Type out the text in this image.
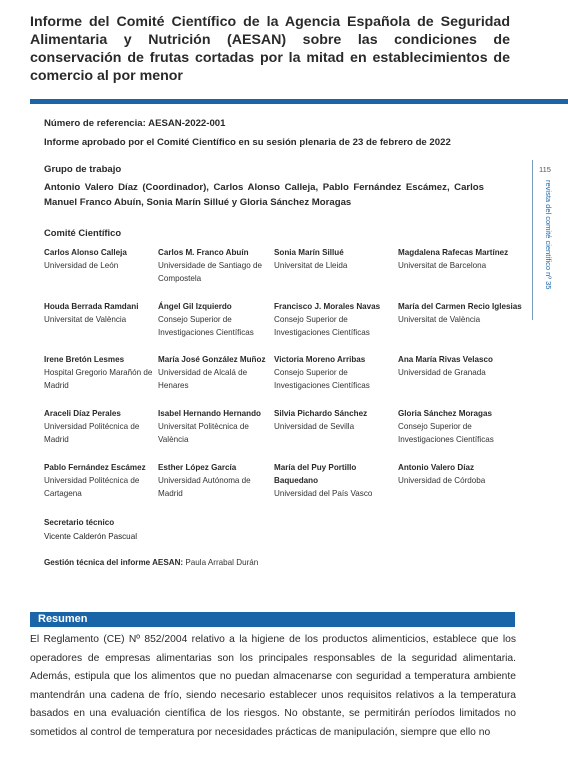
Informe del Comité Científico de la Agencia Española de Seguridad Alimentaria y Nutrición (AESAN) sobre las condiciones de conservación de frutas cortadas por la mitad en establecimientos de comercio al por menor
Número de referencia: AESAN-2022-001
Informe aprobado por el Comité Científico en su sesión plenaria de 23 de febrero de 2022
Grupo de trabajo
Antonio Valero Díaz (Coordinador), Carlos Alonso Calleja, Pablo Fernández Escámez, Carlos Manuel Franco Abuín, Sonia Marín Sillué y Gloria Sánchez Moragas
Comité Científico
Carlos Alonso Calleja
Universidad de León
Carlos M. Franco Abuín
Universidade de Santiago de Compostela
Sonia Marín Sillué
Universitat de Lleida
Magdalena Rafecas Martínez
Universitat de Barcelona
Houda Berrada Ramdani
Universitat de València
Ángel Gil Izquierdo
Consejo Superior de Investigaciones Científicas
Francisco J. Morales Navas
Consejo Superior de Investigaciones Científicas
María del Carmen Recio Iglesias
Universitat de València
Irene Bretón Lesmes
Hospital Gregorio Marañón de Madrid
María José González Muñoz
Universidad de Alcalá de Henares
Victoria Moreno Arribas
Consejo Superior de Investigaciones Científicas
Ana María Rivas Velasco
Universidad de Granada
Araceli Díaz Perales
Universidad Politécnica de Madrid
Isabel Hernando Hernando
Universitat Politècnica de València
Silvia Pichardo Sánchez
Universidad de Sevilla
Gloria Sánchez Moragas
Consejo Superior de Investigaciones Científicas
Pablo Fernández Escámez
Universidad Politécnica de Cartagena
Esther López García
Universidad Autónoma de Madrid
María del Puy Portillo Baquedano
Universidad del País Vasco
Antonio Valero Díaz
Universidad de Córdoba
Secretario técnico
Vicente Calderón Pascual
Gestión técnica del informe AESAN: Paula Arrabal Durán
Resumen
El Reglamento (CE) Nº 852/2004 relativo a la higiene de los productos alimenticios, establece que los operadores de empresas alimentarias son los principales responsables de la seguridad alimentaria. Además, estipula que los alimentos que no puedan almacenarse con seguridad a temperatura ambiente mantendrán una cadena de frío, siendo necesario establecer unos requisitos relativos a la temperatura basados en una evaluación científica de los riesgos. No obstante, se permitirán períodos limitados no sometidos al control de temperatura por necesidades prácticas de manipulación, siempre que ello no
115
revista del comité científico nº 35
